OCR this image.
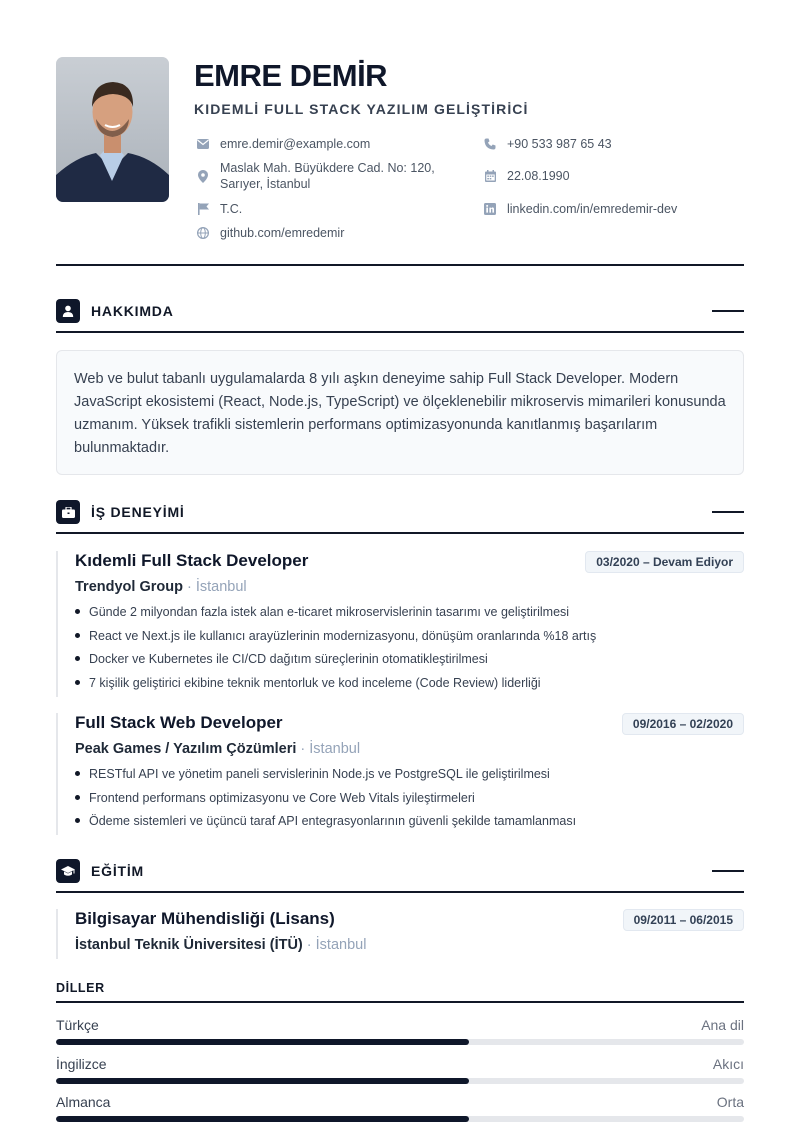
EMRE DEMİR
KIDEMLİ FULL STACK YAZILIM GELİŞTİRİCİ
emre.demir@example.com
Maslak Mah. Büyükdere Cad. No: 120,
Sarıyer, İstanbul
T.C.
github.com/emredemir
+90 533 987 65 43
22.08.1990
linkedin.com/in/emredemir-dev
HAKKIMDA
Web ve bulut tabanlı uygulamalarda 8 yılı aşkın deneyime sahip Full Stack Developer. Modern JavaScript ekosistemi (React, Node.js, TypeScript) ve ölçeklenebilir mikroservis mimarileri konusunda uzmanım. Yüksek trafikli sistemlerin performans optimizasyonunda kanıtlanmış başarılarım bulunmaktadır.
İŞ DENEYİMİ
Kıdemli Full Stack Developer	03/2020 – Devam Ediyor
Trendyol Group · İstanbul
Günde 2 milyondan fazla istek alan e-ticaret mikroservislerinin tasarımı ve geliştirilmesi
React ve Next.js ile kullanıcı arayüzlerinin modernizasyonu, dönüşüm oranlarında %18 artış
Docker ve Kubernetes ile CI/CD dağıtım süreçlerinin otomatikleştirilmesi
7 kişilik geliştirici ekibine teknik mentorluk ve kod inceleme (Code Review) liderliği
Full Stack Web Developer	09/2016 – 02/2020
Peak Games / Yazılım Çözümleri · İstanbul
RESTful API ve yönetim paneli servislerinin Node.js ve PostgreSQL ile geliştirilmesi
Frontend performans optimizasyonu ve Core Web Vitals iyileştirmeleri
Ödeme sistemleri ve üçüncü taraf API entegrasyonlarının güvenli şekilde tamamlanması
EĞİTİM
Bilgisayar Mühendisliği (Lisans)	09/2011 – 06/2015
İstanbul Teknik Üniversitesi (İTÜ) · İstanbul
DİLLER
Türkçe	Ana dil
İngilizce	Akıcı
Almanca	Orta
